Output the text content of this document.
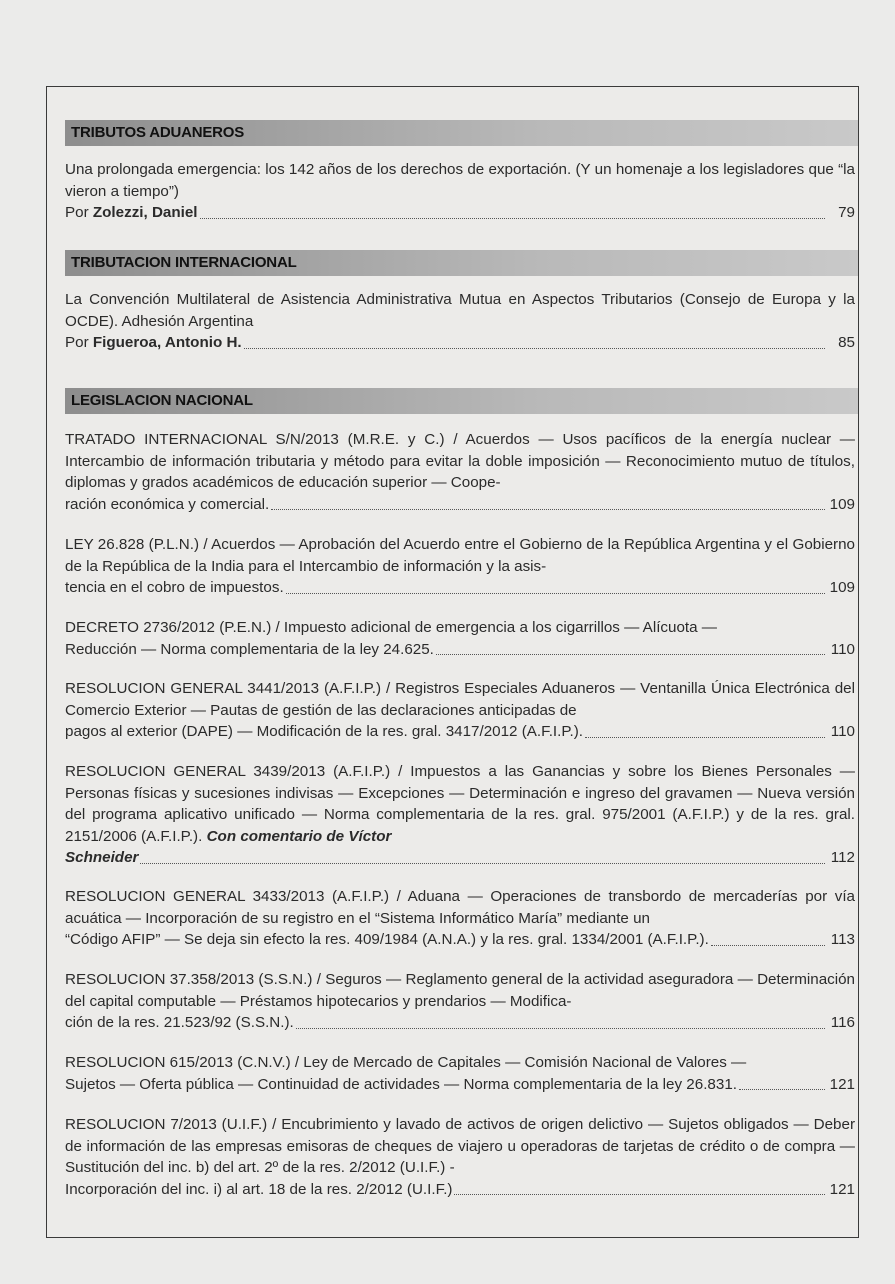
TRIBUTOS ADUANEROS

Una prolongada emergencia: los 142 años de los derechos de exportación. (Y un homenaje a los legisladores que “la vieron a tiempo”)

Por
Zolezzi, Daniel	79
TRIBUTACION INTERNACIONAL

La Convención Multilateral de Asistencia Administrativa Mutua en Aspectos Tributarios (Consejo de Europa y la OCDE). Adhesión Argentina

Por
Figueroa, Antonio H.	85
LEGISLACION NACIONAL

TRATADO INTERNACIONAL S/N/2013 (M.R.E. y C.) / Acuerdos — Usos pacíficos de la energía nuclear — Intercambio de información tributaria y método para evitar la doble imposición — Reconocimiento mutuo de títulos, diplomas y grados académicos de educación superior — Coope-

ración económica y comercial.	109

LEY 26.828 (P.L.N.) / Acuerdos — Aprobación del Acuerdo entre el Gobierno de la República Argentina y el Gobierno de la República de la India para el Intercambio de información y la asis-

tencia en el cobro de impuestos.	109

DECRETO 2736/2012 (P.E.N.) / Impuesto adicional de emergencia a los cigarrillos — Alícuota —

Reducción — Norma complementaria de la ley 24.625.	110

RESOLUCION GENERAL 3441/2013 (A.F.I.P.) / Registros Especiales Aduaneros — Ventanilla Única Electrónica del Comercio Exterior — Pautas de gestión de las declaraciones anticipadas de

pagos al exterior (DAPE) — Modificación de la res. gral. 3417/2012 (A.F.I.P.).	110

RESOLUCION GENERAL 3439/2013 (A.F.I.P.) / Impuestos a las Ganancias y sobre los Bienes Personales — Personas físicas y sucesiones indivisas — Excepciones — Determinación e ingreso del gravamen — Nueva versión del programa aplicativo unificado — Norma complementaria de la res. gral. 975/2001 (A.F.I.P.) y de la res. gral. 2151/2006 (A.F.I.P.). Con comentario de Víctor

Schneider	112

RESOLUCION GENERAL 3433/2013 (A.F.I.P.) / Aduana — Operaciones de transbordo de mercaderías por vía acuática — Incorporación de su registro en el “Sistema Informático María” mediante un

“Código AFIP” — Se deja sin efecto la res. 409/1984 (A.N.A.) y la res. gral. 1334/2001 (A.F.I.P.).	113

RESOLUCION 37.358/2013 (S.S.N.) / Seguros — Reglamento general de la actividad aseguradora — Determinación del capital computable — Préstamos hipotecarios y prendarios — Modifica-

ción de la res. 21.523/92 (S.S.N.).	116

RESOLUCION 615/2013 (C.N.V.) / Ley de Mercado de Capitales — Comisión Nacional de Valores —

Sujetos — Oferta pública — Continuidad de actividades — Norma complementaria de la ley 26.831.	121

RESOLUCION 7/2013 (U.I.F.) / Encubrimiento y lavado de activos de origen delictivo — Sujetos obligados — Deber de información de las empresas emisoras de cheques de viajero u operadoras de tarjetas de crédito o de compra — Sustitución del inc. b) del art. 2º de la res. 2/2012 (U.I.F.) -

Incorporación del inc. i) al art. 18 de la res. 2/2012 (U.I.F.)	121
